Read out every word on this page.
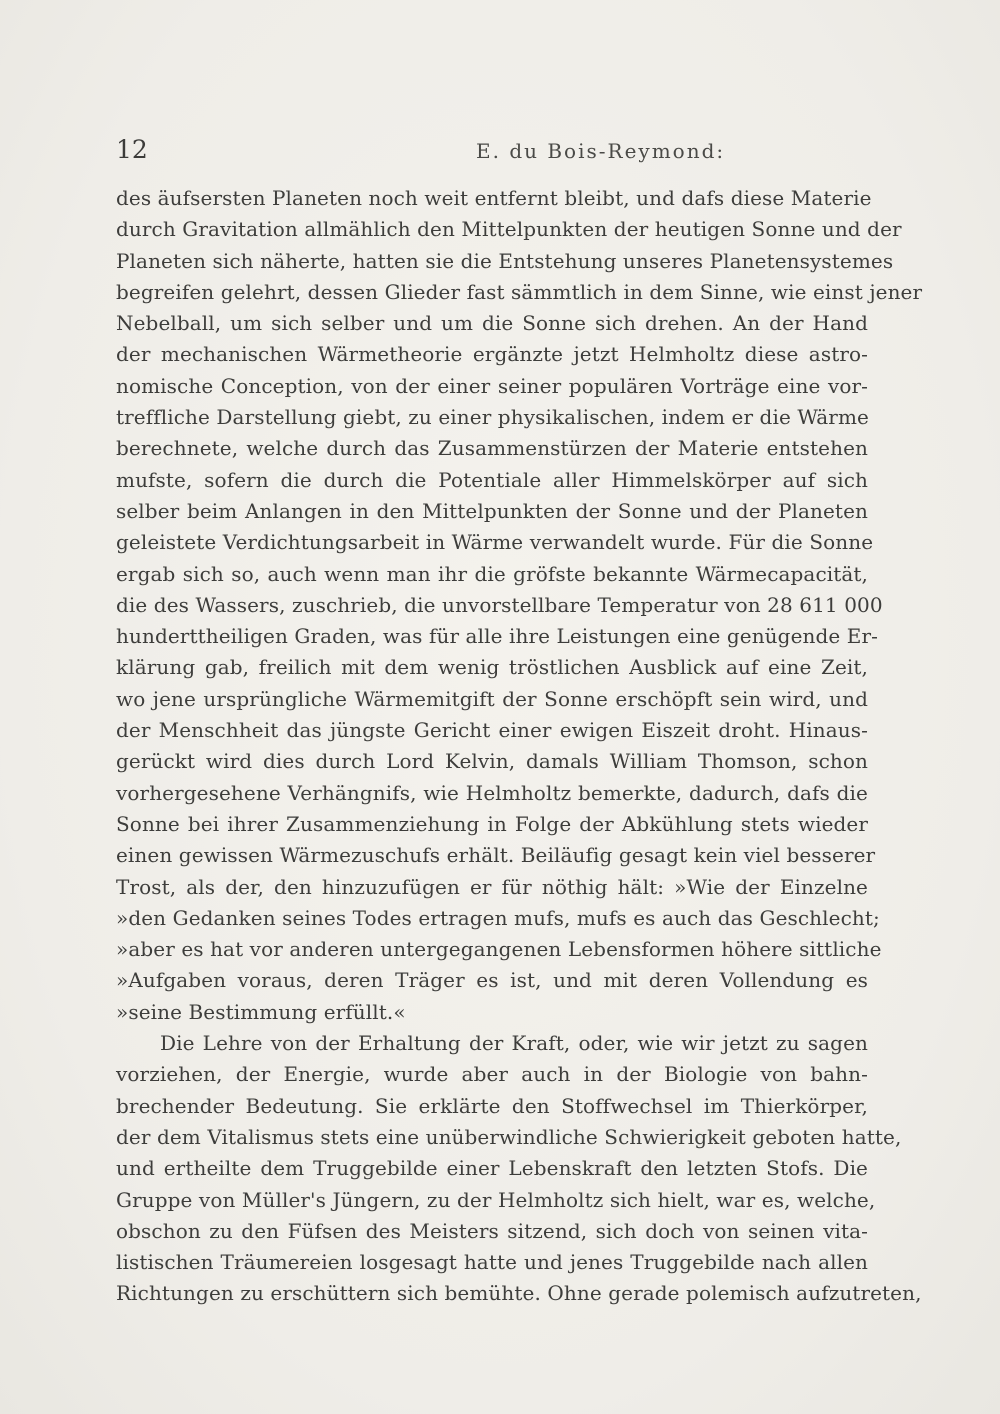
12	E. du Bois-Reymond:
des äufsersten Planeten noch weit entfernt bleibt, und dafs diese Materie
durch Gravitation allmählich den Mittelpunkten der heutigen Sonne und der
Planeten sich näherte, hatten sie die Entstehung unseres Planetensystemes
begreifen gelehrt, dessen Glieder fast sämmtlich in dem Sinne, wie einst jener
Nebelball, um sich selber und um die Sonne sich drehen. An der Hand
der mechanischen Wärmetheorie ergänzte jetzt Helmholtz diese astro-
nomische Conception, von der einer seiner populären Vorträge eine vor-
treffliche Darstellung giebt, zu einer physikalischen, indem er die Wärme
berechnete, welche durch das Zusammenstürzen der Materie entstehen
mufste, sofern die durch die Potentiale aller Himmelskörper auf sich
selber beim Anlangen in den Mittelpunkten der Sonne und der Planeten
geleistete Verdichtungsarbeit in Wärme verwandelt wurde. Für die Sonne
ergab sich so, auch wenn man ihr die gröfste bekannte Wärmecapacität,
die des Wassers, zuschrieb, die unvorstellbare Temperatur von 28 611 000
hunderttheiligen Graden, was für alle ihre Leistungen eine genügende Er-
klärung gab, freilich mit dem wenig tröstlichen Ausblick auf eine Zeit,
wo jene ursprüngliche Wärmemitgift der Sonne erschöpft sein wird, und
der Menschheit das jüngste Gericht einer ewigen Eiszeit droht. Hinaus-
gerückt wird dies durch Lord Kelvin, damals William Thomson, schon
vorhergesehene Verhängnifs, wie Helmholtz bemerkte, dadurch, dafs die
Sonne bei ihrer Zusammenziehung in Folge der Abkühlung stets wieder
einen gewissen Wärmezuschufs erhält. Beiläufig gesagt kein viel besserer
Trost, als der, den hinzuzufügen er für nöthig hält: »Wie der Einzelne
»den Gedanken seines Todes ertragen mufs, mufs es auch das Geschlecht;
»aber es hat vor anderen untergegangenen Lebensformen höhere sittliche
»Aufgaben voraus, deren Träger es ist, und mit deren Vollendung es
»seine Bestimmung erfüllt.«
Die Lehre von der Erhaltung der Kraft, oder, wie wir jetzt zu sagen
vorziehen, der Energie, wurde aber auch in der Biologie von bahn-
brechender Bedeutung. Sie erklärte den Stoffwechsel im Thierkörper,
der dem Vitalismus stets eine unüberwindliche Schwierigkeit geboten hatte,
und ertheilte dem Truggebilde einer Lebenskraft den letzten Stofs. Die
Gruppe von Müller's Jüngern, zu der Helmholtz sich hielt, war es, welche,
obschon zu den Füfsen des Meisters sitzend, sich doch von seinen vita-
listischen Träumereien losgesagt hatte und jenes Truggebilde nach allen
Richtungen zu erschüttern sich bemühte. Ohne gerade polemisch aufzutreten,
